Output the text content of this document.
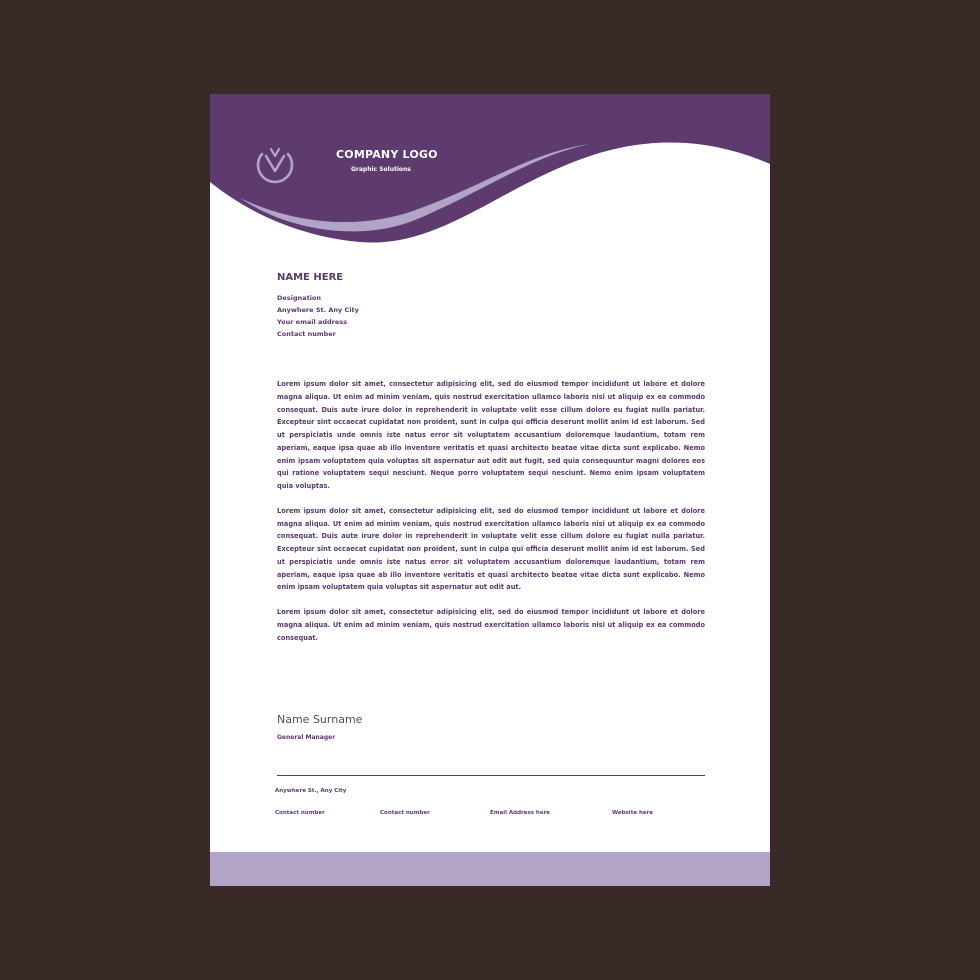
COMPANY LOGO
Graphic Solutions
NAME HERE
Designation
Anywhere St. Any City
Your email address
Contact number

Lorem ipsum dolor sit amet, consectetur adipisicing elit, sed do eiusmod tempor incididunt ut labore et dolore magna aliqua. Ut enim ad minim veniam, quis nostrud exercitation ullamco laboris nisi ut aliquip ex ea commodo consequat. Duis aute irure dolor in reprehenderit in voluptate velit esse cillum dolore eu fugiat nulla pariatur. Excepteur sint occaecat cupidatat non proident, sunt in culpa qui officia deserunt mollit anim id est laborum. Sed ut perspiciatis unde omnis iste natus error sit voluptatem accusantium doloremque laudantium, totam rem aperiam, eaque ipsa quae ab illo inventore veritatis et quasi architecto beatae vitae dicta sunt explicabo. Nemo enim ipsam voluptatem quia voluptas sit aspernatur aut odit aut fugit, sed quia consequuntur magni dolores eos qui ratione voluptatem sequi nesciunt. Neque porro voluptatem sequi nesciunt. Nemo enim ipsam voluptatem quia voluptas.

Lorem ipsum dolor sit amet, consectetur adipisicing elit, sed do eiusmod tempor incididunt ut labore et dolore magna aliqua. Ut enim ad minim veniam, quis nostrud exercitation ullamco laboris nisi ut aliquip ex ea commodo consequat. Duis aute irure dolor in reprehenderit in voluptate velit esse cillum dolore eu fugiat nulla pariatur. Excepteur sint occaecat cupidatat non proident, sunt in culpa qui officia deserunt mollit anim id est laborum. Sed ut perspiciatis unde omnis iste natus error sit voluptatem accusantium doloremque laudantium, totam rem aperiam, eaque ipsa quae ab illo inventore veritatis et quasi architecto beatae vitae dicta sunt explicabo. Nemo enim ipsam voluptatem quia voluptas sit aspernatur aut odit aut.

Lorem ipsum dolor sit amet, consectetur adipisicing elit, sed do eiusmod tempor incididunt ut labore et dolore magna aliqua. Ut enim ad minim veniam, quis nostrud exercitation ullamco laboris nisi ut aliquip ex ea commodo consequat.

Name Surname
General Manager
Anywhere St., Any City
Contact number	Contact number	Email Address here	Website here
